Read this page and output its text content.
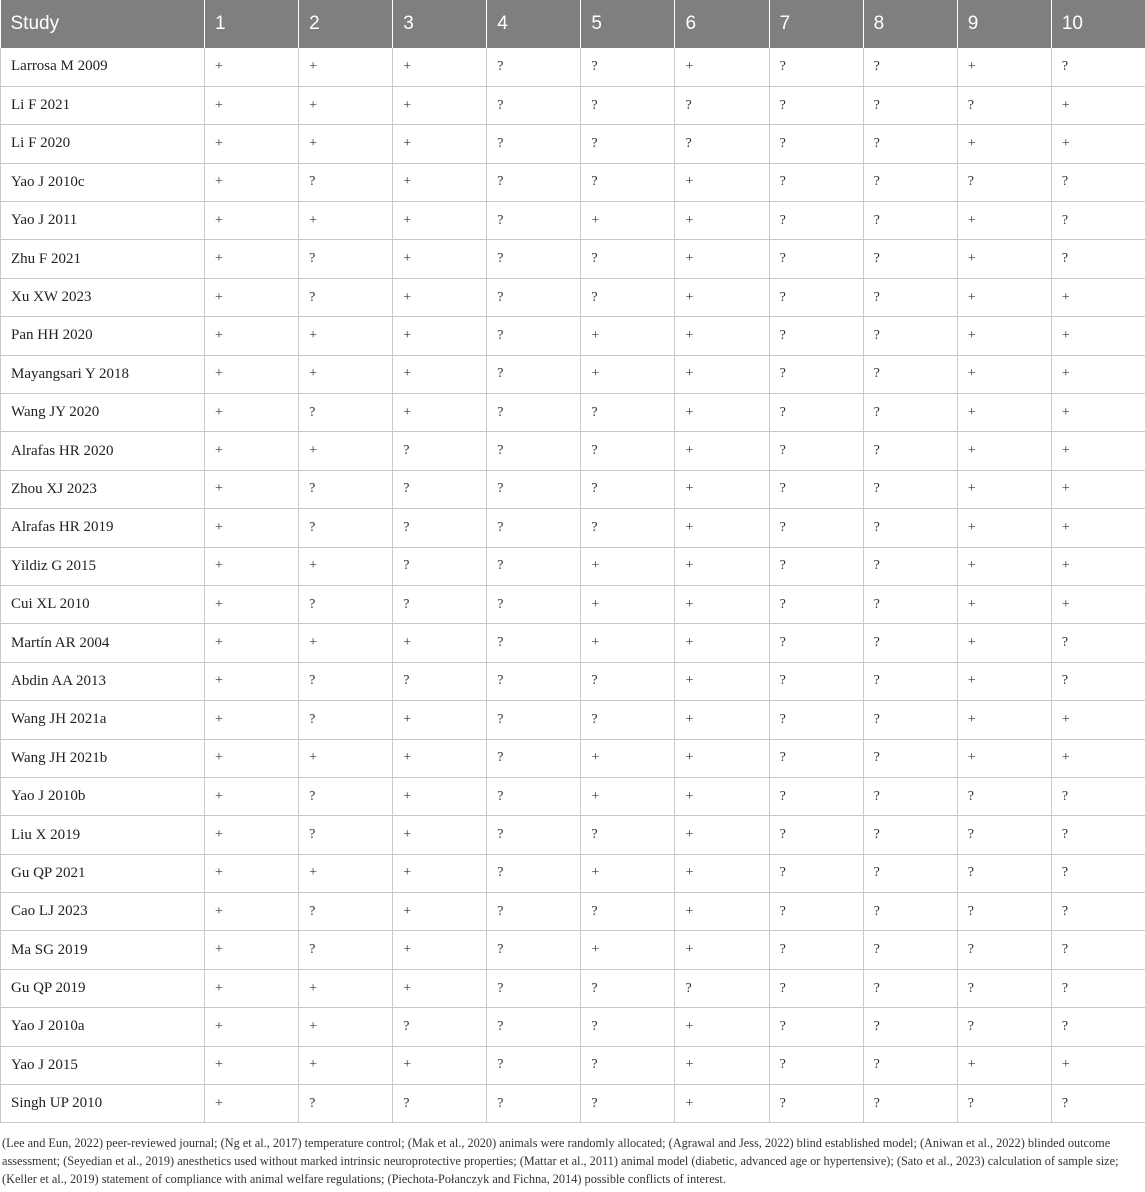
Study	1	2	3	4	5	6	7	8	9	10
Larrosa M 2009	+	+	+	?	?	+	?	?	+	?
Li F 2021	+	+	+	?	?	?	?	?	?	+
Li F 2020	+	+	+	?	?	?	?	?	+	+
Yao J 2010c	+	?	+	?	?	+	?	?	?	?
Yao J 2011	+	+	+	?	+	+	?	?	+	?
Zhu F 2021	+	?	+	?	?	+	?	?	+	?
Xu XW 2023	+	?	+	?	?	+	?	?	+	+
Pan HH 2020	+	+	+	?	+	+	?	?	+	+
Mayangsari Y 2018	+	+	+	?	+	+	?	?	+	+
Wang JY 2020	+	?	+	?	?	+	?	?	+	+
Alrafas HR 2020	+	+	?	?	?	+	?	?	+	+
Zhou XJ 2023	+	?	?	?	?	+	?	?	+	+
Alrafas HR 2019	+	?	?	?	?	+	?	?	+	+
Yildiz G 2015	+	+	?	?	+	+	?	?	+	+
Cui XL 2010	+	?	?	?	+	+	?	?	+	+
Martín AR 2004	+	+	+	?	+	+	?	?	+	?
Abdin AA 2013	+	?	?	?	?	+	?	?	+	?
Wang JH 2021a	+	?	+	?	?	+	?	?	+	+
Wang JH 2021b	+	+	+	?	+	+	?	?	+	+
Yao J 2010b	+	?	+	?	+	+	?	?	?	?
Liu X 2019	+	?	+	?	?	+	?	?	?	?
Gu QP 2021	+	+	+	?	+	+	?	?	?	?
Cao LJ 2023	+	?	+	?	?	+	?	?	?	?
Ma SG 2019	+	?	+	?	+	+	?	?	?	?
Gu QP 2019	+	+	+	?	?	?	?	?	?	?
Yao J 2010a	+	+	?	?	?	+	?	?	?	?
Yao J 2015	+	+	+	?	?	+	?	?	+	+
Singh UP 2010	+	?	?	?	?	+	?	?	?	?
(Lee and Eun, 2022) peer-reviewed journal; (Ng et al., 2017) temperature control; (Mak et al., 2020) animals were randomly allocated; (Agrawal and Jess, 2022) blind established model; (Aniwan et al., 2022) blinded outcome assessment; (Seyedian et al., 2019) anesthetics used without marked intrinsic neuroprotective properties; (Mattar et al., 2011) animal model (diabetic, advanced age or hypertensive); (Sato et al., 2023) calculation of sample size; (Keller et al., 2019) statement of compliance with animal welfare regulations; (Piechota-Połanczyk and Fichna, 2014) possible conflicts of interest.
